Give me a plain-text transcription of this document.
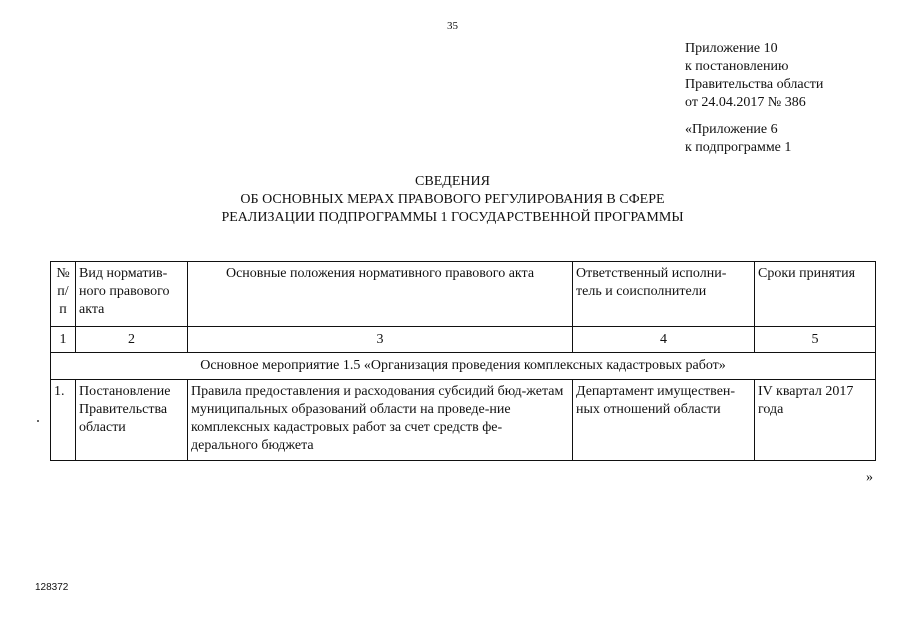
35
Приложение 10
к постановлению
Правительства области
от 24.04.2017 № 386
«Приложение 6
к подпрограмме 1
СВЕДЕНИЯ
ОБ ОСНОВНЫХ МЕРАХ ПРАВОВОГО РЕГУЛИРОВАНИЯ В СФЕРЕ
РЕАЛИЗАЦИИ ПОДПРОГРАММЫ 1 ГОСУДАРСТВЕННОЙ ПРОГРАММЫ
№ п/п	Вид норматив-ного правового акта	Основные положения нормативного правового акта	Ответственный исполни-тель и соисполнители	Сроки принятия
1	2	3	4	5
Основное мероприятие 1.5 «Организация проведения комплексных кадастровых работ»				
1.	Постановление Правительства области	Правила предоставления и расходования субсидий бюд-жетам муниципальных образований области на проведе-ние комплексных кадастровых работ за счет средств фе-дерального бюджета	Департамент имуществен-ных отношений области	IV квартал 2017 года
»
128372
